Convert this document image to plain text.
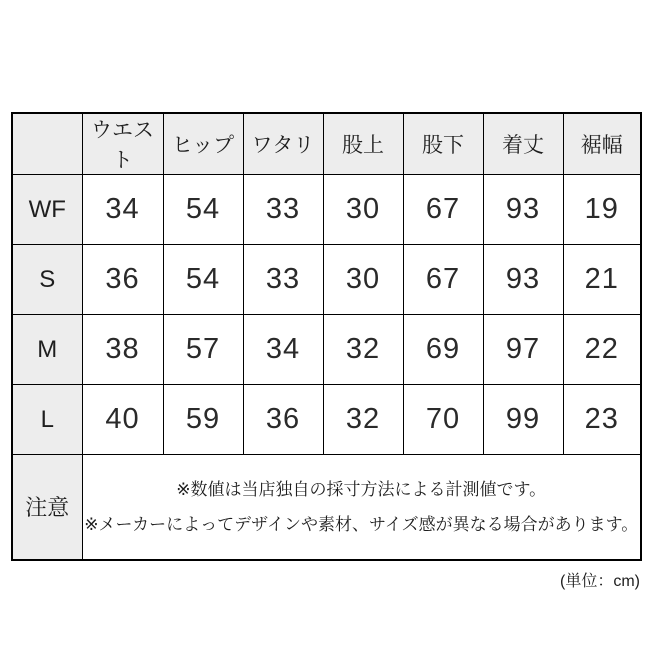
	ウエスト	ヒップ	ワタリ	股上	股下	着丈	裾幅
WF	34	54	33	30	67	93	19
S	36	54	33	30	67	93	21
M	38	57	34	32	69	97	22
L	40	59	36	32	70	99	23
注意	※数値は当店独自の採寸方法による計測値です。
※メーカーによってデザインや素材、サイズ感が異なる場合があります。						
(単位：cm)
